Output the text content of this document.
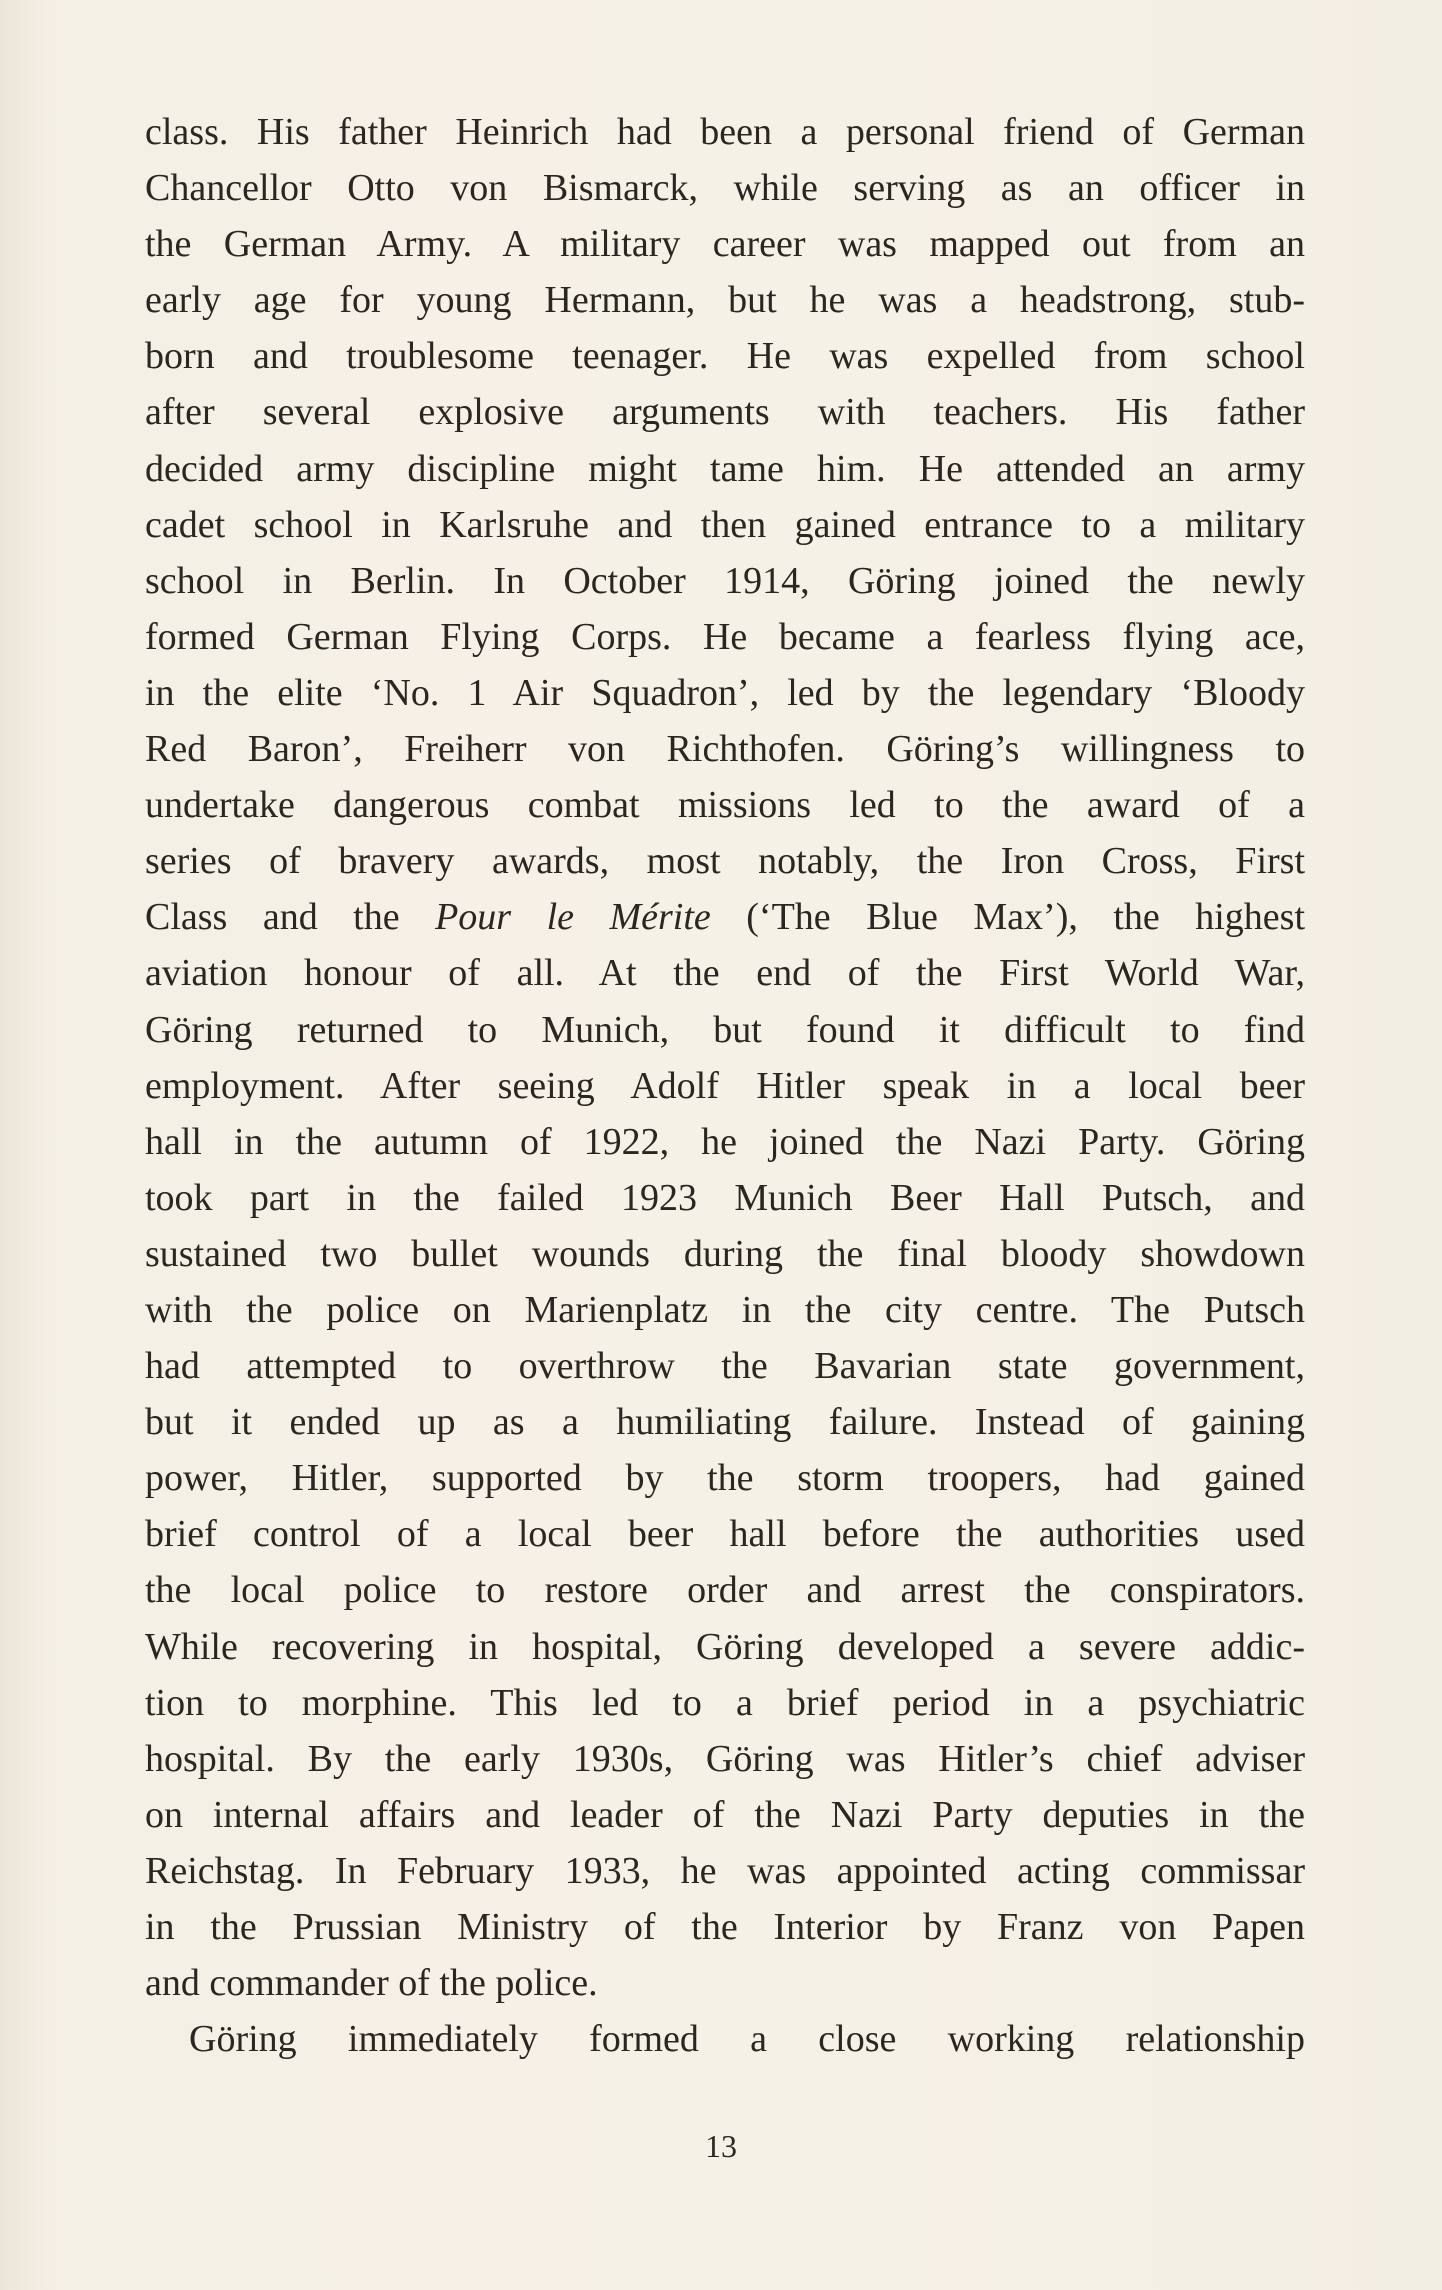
class. His father Heinrich had been a personal friend of German
Chancellor Otto von Bismarck, while serving as an officer in
the German Army. A military career was mapped out from an
early age for young Hermann, but he was a headstrong, stub-
born and troublesome teenager. He was expelled from school
after several explosive arguments with teachers. His father
decided army discipline might tame him. He attended an army
cadet school in Karlsruhe and then gained entrance to a military
school in Berlin. In October 1914, Göring joined the newly
formed German Flying Corps. He became a fearless flying ace,
in the elite ‘No. 1 Air Squadron’, led by the legendary ‘Bloody
Red Baron’, Freiherr von Richthofen. Göring’s willingness to
undertake dangerous combat missions led to the award of a
series of bravery awards, most notably, the Iron Cross, First
Class and the Pour le Mérite (‘The Blue Max’), the highest
aviation honour of all. At the end of the First World War,
Göring returned to Munich, but found it difficult to find
employment. After seeing Adolf Hitler speak in a local beer
hall in the autumn of 1922, he joined the Nazi Party. Göring
took part in the failed 1923 Munich Beer Hall Putsch, and
sustained two bullet wounds during the final bloody showdown
with the police on Marienplatz in the city centre. The Putsch
had attempted to overthrow the Bavarian state government,
but it ended up as a humiliating failure. Instead of gaining
power, Hitler, supported by the storm troopers, had gained
brief control of a local beer hall before the authorities used
the local police to restore order and arrest the conspirators.
While recovering in hospital, Göring developed a severe addic-
tion to morphine. This led to a brief period in a psychiatric
hospital. By the early 1930s, Göring was Hitler’s chief adviser
on internal affairs and leader of the Nazi Party deputies in the
Reichstag. In February 1933, he was appointed acting commissar
in the Prussian Ministry of the Interior by Franz von Papen
and commander of the police.
Göring immediately formed a close working relationship
13
